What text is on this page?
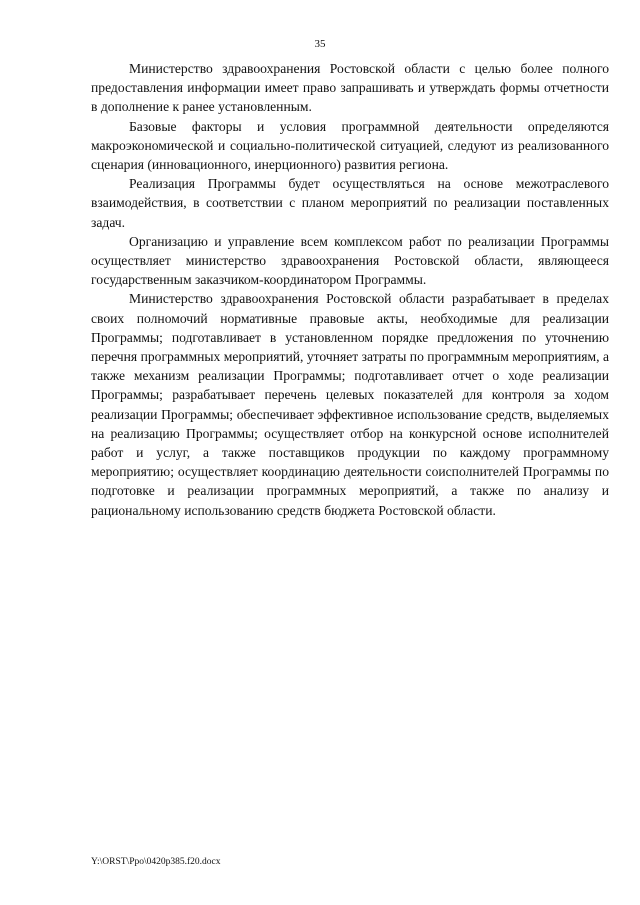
35

Министерство здравоохранения Ростовской области с целью более полного предоставления информации имеет право запрашивать и утверждать формы отчетности в дополнение к ранее установленным.

Базовые факторы и условия программной деятельности определяются макроэкономической и социально-политической ситуацией, следуют из реализованного сценария (инновационного, инерционного) развития региона.

Реализация Программы будет осуществляться на основе межотраслевого взаимодействия, в соответствии с планом мероприятий по реализации поставленных задач.

Организацию и управление всем комплексом работ по реализации Программы осуществляет министерство здравоохранения Ростовской области, являющееся государственным заказчиком-координатором Программы.

Министерство здравоохранения Ростовской области разрабатывает в пределах своих полномочий нормативные правовые акты, необходимые для реализации Программы; подготавливает в установленном порядке предложения по уточнению перечня программных мероприятий, уточняет затраты по программным мероприятиям, а также механизм реализации Программы; подготавливает отчет о ходе реализации Программы; разрабатывает перечень целевых показателей для контроля за ходом реализации Программы; обеспечивает эффективное использование средств, выделяемых на реализацию Программы; осуществляет отбор на конкурсной основе исполнителей работ и услуг, а также поставщиков продукции по каждому программному мероприятию; осуществляет координацию деятельности соисполнителей Программы по подготовке и реализации программных мероприятий, а также по анализу и рациональному использованию средств бюджета Ростовской области.

Y:\ORST\Ppo\0420p385.f20.docx
